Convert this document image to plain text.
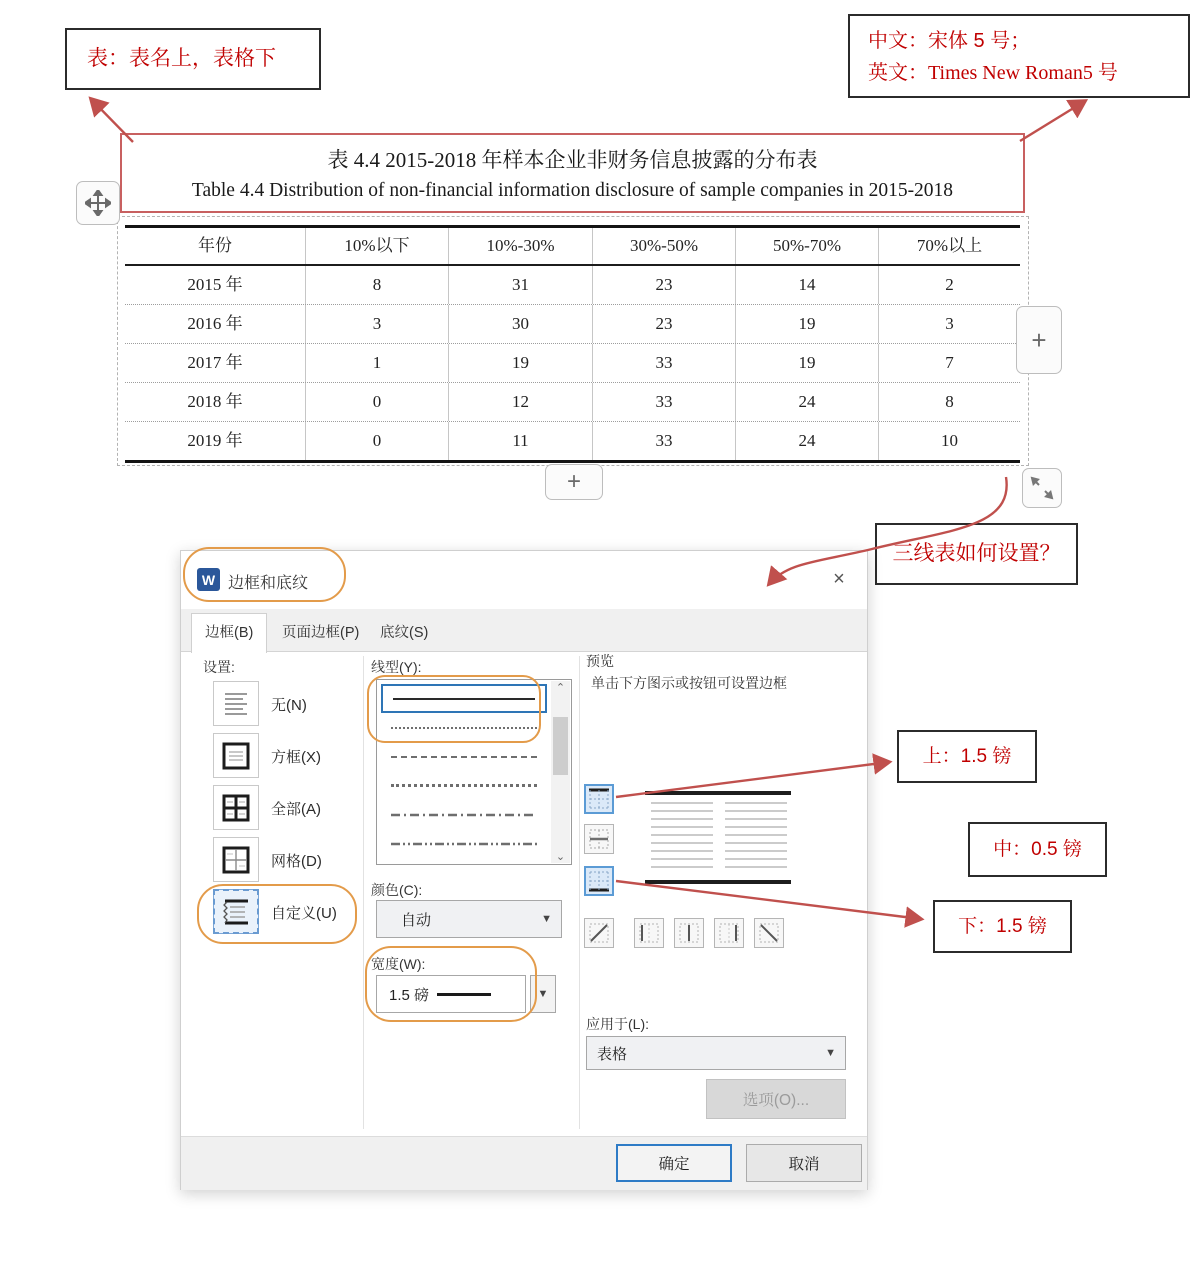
表：表名上，表格下
中文：宋体 5 号；
英文：Times New Roman5 号
表 4.4 2015-2018 年样本企业非财务信息披露的分布表
Table 4.4 Distribution of non-financial information disclosure of sample companies in 2015-2018
年份	10%以下	10%-30%	30%-50%	50%-70%	70%以上
2015 年	8	31	23	14	2
2016 年	3	30	23	19	3
2017 年	1	19	33	19	7
2018 年	0	12	33	24	8
2019 年	0	11	33	24	10
+
+
三线表如何设置？
上：1.5 镑
中：0.5 镑
下：1.5 镑
W 边框和底纹	×
边框(B)	页面边框(P)	底纹(S)
设置:
无(N)
方框(X)
全部(A)
网格(D)
自定义(U)
线型(Y):
⌃
⌄
颜色(C):
自动	▼
宽度(W):
1.5 磅	▼
预览
单击下方图示或按钮可设置边框
应用于(L):
表格	▼
选项(O)...
确定	取消
